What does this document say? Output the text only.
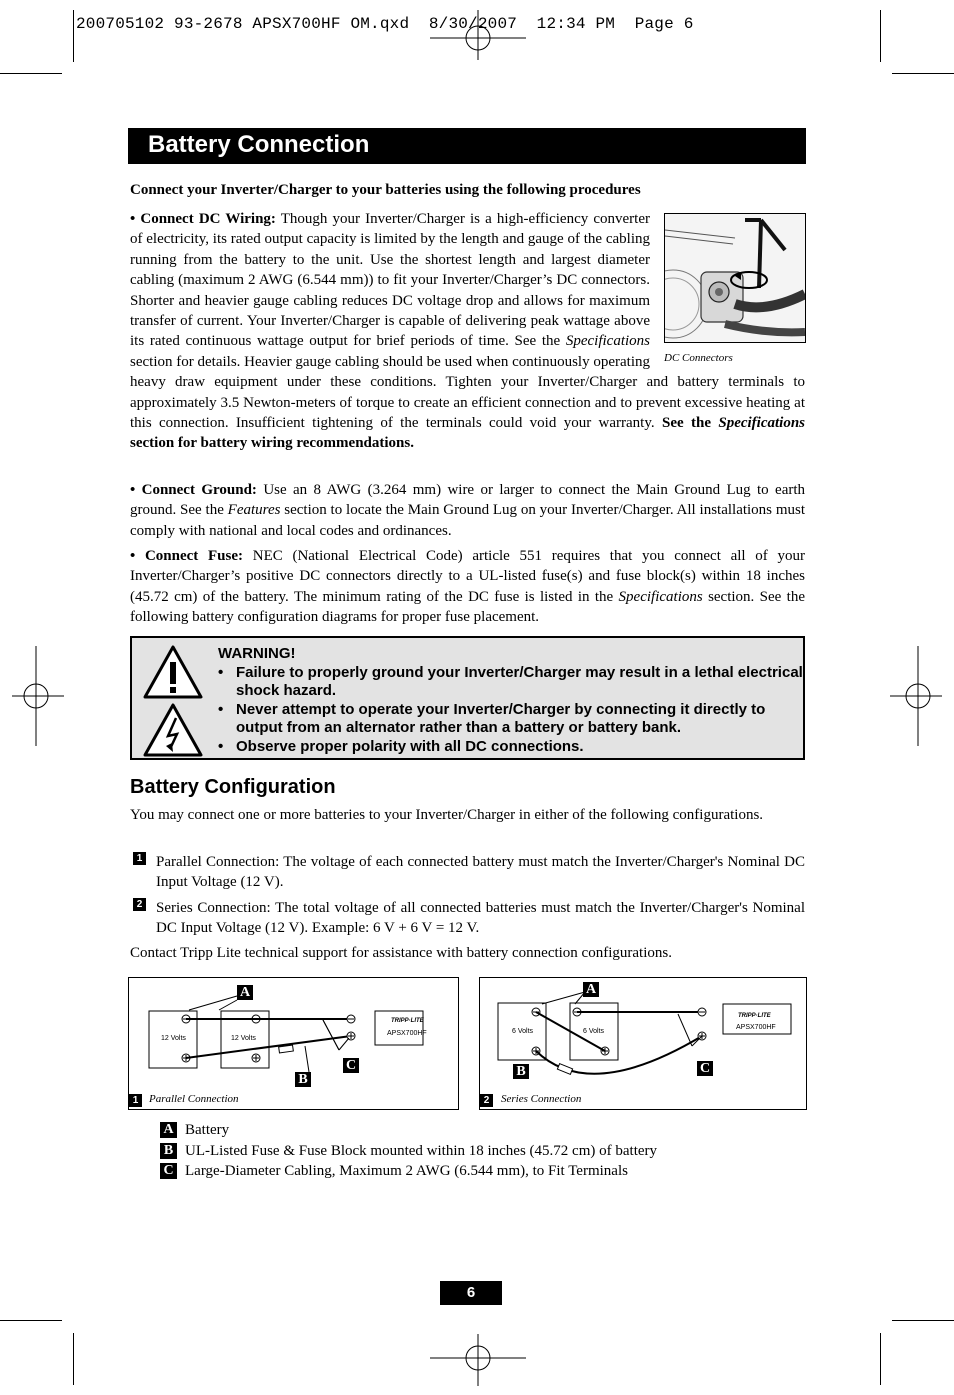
200705102 93-2678 APSX700HF OM.qxd  8/30/2007  12:34 PM  Page 6
Battery Connection
Connect your Inverter/Charger to your batteries using the following procedures
DC Connectors

• Connect DC Wiring: Though your Inverter/Charger is a high-efficiency converter of electricity, its rated output capacity is limited by the length and gauge of the cabling running from the battery to the unit. Use the shortest length and largest diameter cabling (maximum 2 AWG (6.544 mm)) to fit your Inverter/Charger’s DC connectors. Shorter and heavier gauge cabling reduces DC voltage drop and allows for maximum transfer of current. Your Inverter/Charger is capable of delivering peak wattage above its rated continuous wattage output for brief periods of time. See the Specifications section for details. Heavier gauge cabling should be used when continuously operating heavy draw equipment under these conditions. Tighten your Inverter/Charger and battery terminals to approximately 3.5 Newton-meters of torque to create an efficient connection and to prevent excessive heating at this connection. Insufficient tightening of the terminals could void your warranty. See the Specifications section for battery wiring recommendations.

• Connect Ground: Use an 8 AWG (3.264 mm) wire or larger to connect the Main Ground Lug to earth ground. See the Features section to locate the Main Ground Lug on your Inverter/Charger. All installations must comply with national and local codes and ordinances.

• Connect Fuse: NEC (National Electrical Code) article 551 requires that you connect all of your Inverter/Charger’s positive DC connectors directly to a UL-listed fuse(s) and fuse block(s) within 18 inches (45.72 cm) of the battery. The minimum rating of the DC fuse is listed in the Specifications section. See the following battery configuration diagrams for proper fuse placement.

WARNING!
• Failure to properly ground your Inverter/Charger may result in a lethal electrical shock hazard.
• Never attempt to operate your Inverter/Charger by connecting it directly to output from an alternator rather than a battery or battery bank.
• Observe proper polarity with all DC connections.
Battery Configuration
You may connect one or more batteries to your Inverter/Charger in either of the following configurations.
1 Parallel Connection: The voltage of each connected battery must match the Inverter/Charger's Nominal DC Input Voltage (12 V).
2 Series Connection: The total voltage of all connected batteries must match the Inverter/Charger's Nominal DC Input Voltage (12 V). Example: 6 V + 6 V = 12 V.
Contact Tripp Lite technical support for assistance with battery connection configurations.
12 Volts	12 Volts
TRIPP·LITE
APSX700HF
A
B
C
1 Parallel Connection
6 Volts	6 Volts
TRIPP·LITE
APSX700HF
A
B	C
2	Series Connection
A Battery
B UL-Listed Fuse & Fuse Block mounted within 18 inches (45.72 cm) of battery
C Large-Diameter Cabling, Maximum 2 AWG (6.544 mm), to Fit Terminals
6
